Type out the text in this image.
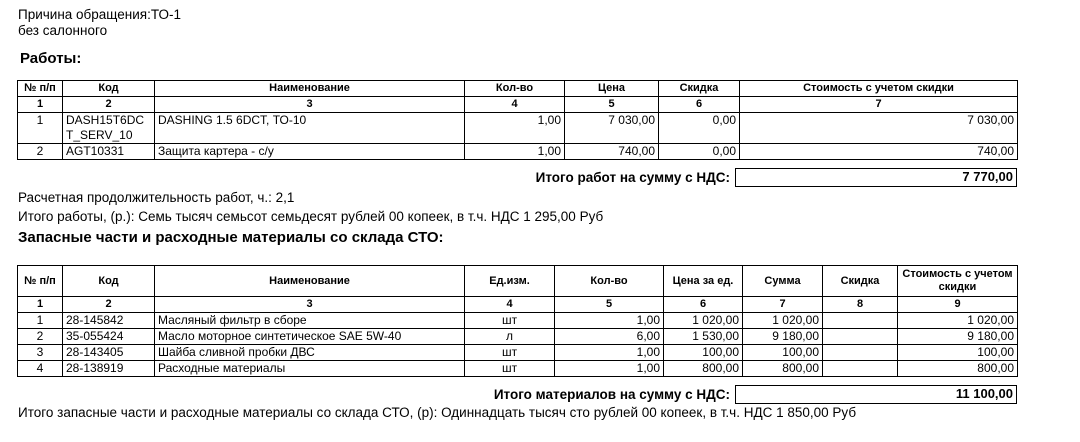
Причина обращения:ТО-1
без салонного
Работы:
№ п/п	Код	Наименование	Кол-во	Цена	Скидка	Стоимость с учетом скидки
1	2	3	4	5	6	7
1	DASH15T6DCT_SERV_10	DASHING 1.5 6DCT, ТО-10	1,00	7 030,00	0,00	7 030,00
2	AGT10331	Защита картера - с/у	1,00	740,00	0,00	740,00
Итого работ на сумму с НДС:	7 770,00
Расчетная продолжительность работ, ч.: 2,1
Итого работы, (р.): Семь тысяч семьсот семьдесят рублей 00 копеек, в т.ч. НДС 1 295,00 Руб
Запасные части и расходные материалы со склада СТО:
№ п/п	Код	Наименование	Ед.изм.	Кол-во	Цена за ед.	Сумма	Скидка	Стоимость с учетом скидки
1	2	3	4	5	6	7	8	9
1	28-145842	Масляный фильтр в сборе	шт	1,00	1 020,00	1 020,00		1 020,00
2	35-055424	Масло моторное синтетическое SAE 5W-40	л	6,00	1 530,00	9 180,00		9 180,00
3	28-143405	Шайба сливной пробки ДВС	шт	1,00	100,00	100,00		100,00
4	28-138919	Расходные материалы	шт	1,00	800,00	800,00		800,00
Итого материалов на сумму с НДС:	11 100,00
Итого запасные части и расходные материалы со склада СТО, (р): Одиннадцать тысяч сто рублей 00 копеек, в т.ч. НДС 1 850,00 Руб
